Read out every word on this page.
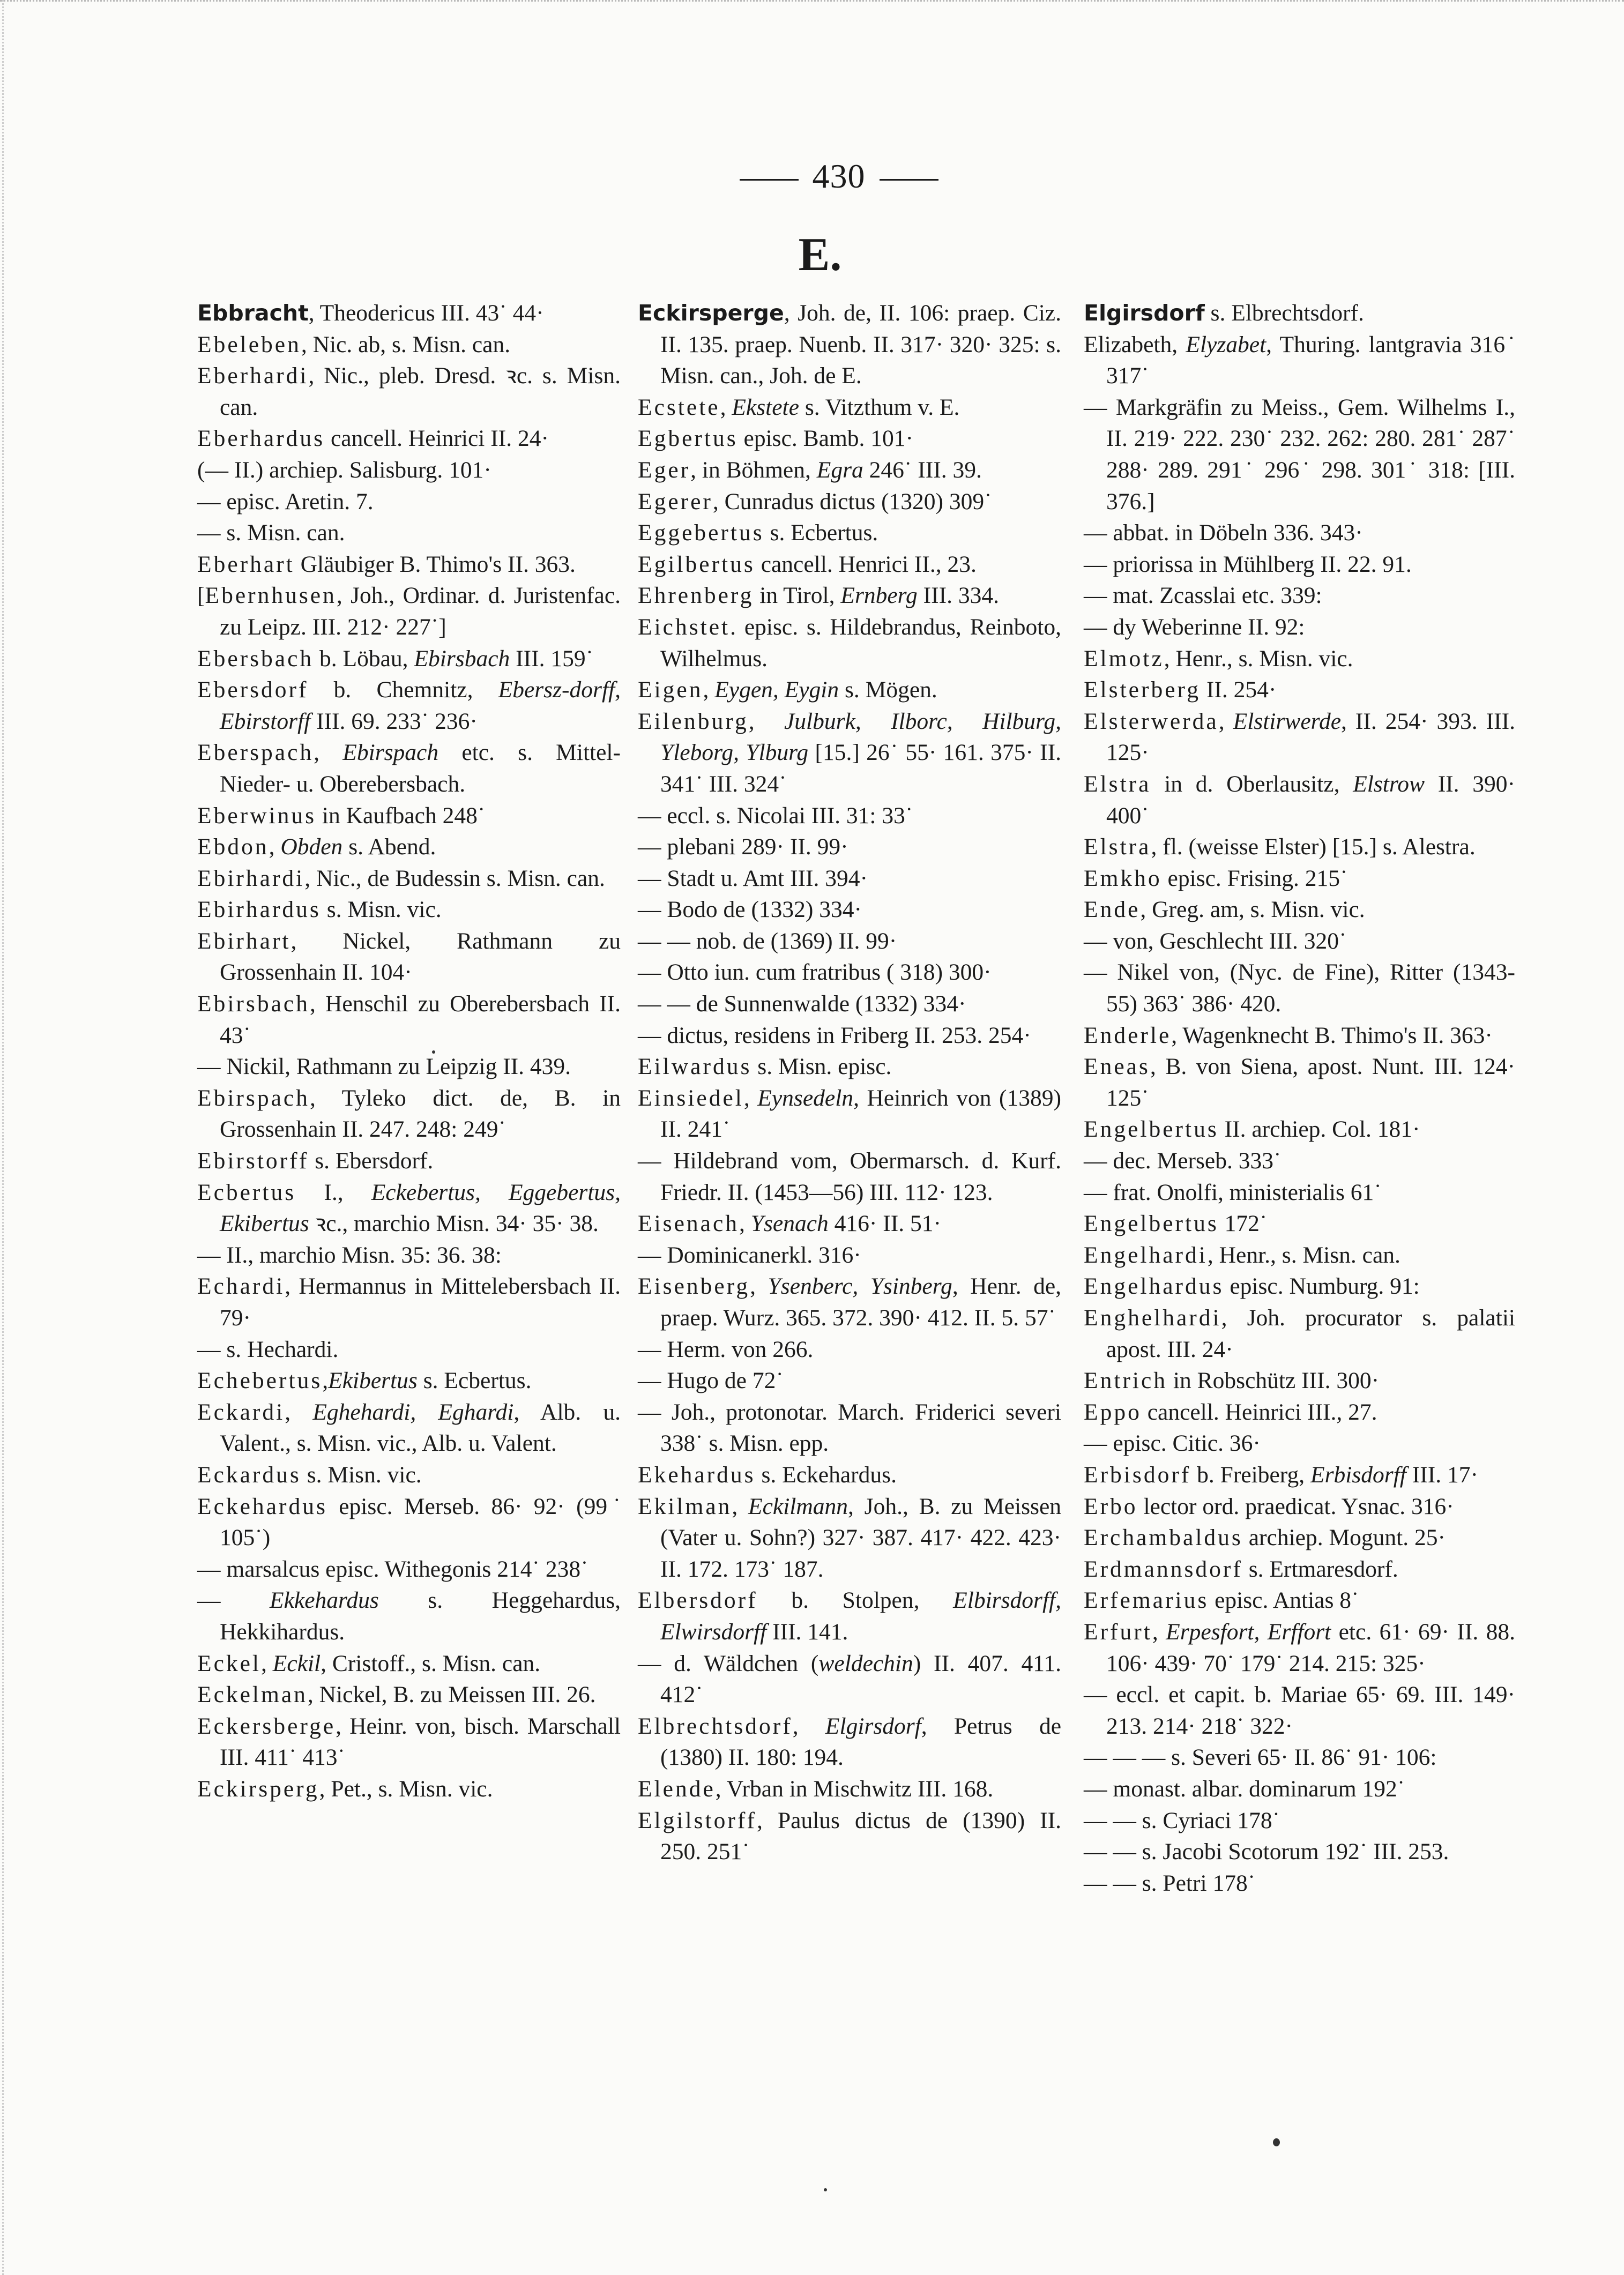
430
E.

Ebbracht, Theodericus III. 43˙ 44·

Ebeleben, Nic. ab, s. Misn. can.

Eberhardi, Nic., pleb. Dresd. ꝛc. s. Misn. can.

Eberhardus cancell. Heinrici II. 24·

(— II.) archiep. Salisburg. 101·

— episc. Aretin. 7.

— s. Misn. can.

Eberhart Gläubiger B. Thimo's II. 363.

[Ebernhusen, Joh., Ordinar. d. Juristenfac. zu Leipz. III. 212· 227˙]

Ebersbach b. Löbau, Ebirsbach III. 159˙

Ebersdorf b. Chemnitz, Ebersz-dorff, Ebirstorff III. 69. 233˙ 236·

Eberspach, Ebirspach etc. s. Mittel- Nieder- u. Oberebersbach.

Eberwinus in Kaufbach 248˙

Ebdon, Obden s. Abend.

Ebirhardi, Nic., de Budessin s. Misn. can.

Ebirhardus s. Misn. vic.

Ebirhart, Nickel, Rathmann zu Grossenhain II. 104·

Ebirsbach, Henschil zu Oberebersbach II. 43˙

— Nickil, Rathmann zu Leipzig II. 439.

Ebirspach, Tyleko dict. de, B. in Grossenhain II. 247. 248: 249˙

Ebirstorff s. Ebersdorf.

Ecbertus I., Eckebertus, Eggebertus, Ekibertus ꝛc., marchio Misn. 34· 35· 38.

— II., marchio Misn. 35: 36. 38:

Echardi, Hermannus in Mittelebersbach II. 79·

— s. Hechardi.

Echebertus,Ekibertus s. Ecbertus.

Eckardi, Eghehardi, Eghardi, Alb. u. Valent., s. Misn. vic., Alb. u. Valent.

Eckardus s. Misn. vic.

Eckehardus episc. Merseb. 86· 92· (99˙ 105˙)

— marsalcus episc. Withegonis 214˙ 238˙

— Ekkehardus s. Heggehardus, Hekkihardus.

Eckel, Eckil, Cristoff., s. Misn. can.

Eckelman, Nickel, B. zu Meissen III. 26.

Eckersberge, Heinr. von, bisch. Marschall III. 411˙ 413˙

Eckirsperg, Pet., s. Misn. vic.

Eckirsperge, Joh. de, II. 106: praep. Ciz. II. 135. praep. Nuenb. II. 317· 320· 325: s. Misn. can., Joh. de E.

Ecstete, Ekstete s. Vitzthum v. E.

Egbertus episc. Bamb. 101·

Eger, in Böhmen, Egra 246˙ III. 39.

Egerer, Cunradus dictus (1320) 309˙

Eggebertus s. Ecbertus.

Egilbertus cancell. Henrici II., 23.

Ehrenberg in Tirol, Ernberg III. 334.

Eichstet. episc. s. Hildebrandus, Reinboto, Wilhelmus.

Eigen, Eygen, Eygin s. Mögen.

Eilenburg, Julburk, Ilborc, Hilburg, Yleborg, Ylburg [15.] 26˙ 55· 161. 375· II. 341˙ III. 324˙

— eccl. s. Nicolai III. 31: 33˙

— plebani 289· II. 99·

— Stadt u. Amt III. 394·

— Bodo de (1332) 334·

— — nob. de (1369) II. 99·

— Otto iun. cum fratribus ( 318) 300·

— — de Sunnenwalde (1332) 334·

— dictus, residens in Friberg II. 253. 254·

Eilwardus s. Misn. episc.

Einsiedel, Eynsedeln, Heinrich von (1389) II. 241˙

— Hildebrand vom, Obermarsch. d. Kurf. Friedr. II. (1453—56) III. 112· 123.

Eisenach, Ysenach 416· II. 51·

— Dominicanerkl. 316·

Eisenberg, Ysenberc, Ysinberg, Henr. de, praep. Wurz. 365. 372. 390· 412. II. 5. 57˙

— Herm. von 266.

— Hugo de 72˙

— Joh., protonotar. March. Friderici severi 338˙ s. Misn. epp.

Ekehardus s. Eckehardus.

Ekilman, Eckilmann, Joh., B. zu Meissen (Vater u. Sohn?) 327· 387. 417· 422. 423· II. 172. 173˙ 187.

Elbersdorf b. Stolpen, Elbirsdorff, Elwirsdorff III. 141.

— d. Wäldchen (weldechin) II. 407. 411. 412˙

Elbrechtsdorf, Elgirsdorf, Petrus de (1380) II. 180: 194.

Elende, Vrban in Mischwitz III. 168.

Elgilstorff, Paulus dictus de (1390) II. 250. 251˙

Elgirsdorf s. Elbrechtsdorf.

Elizabeth, Elyzabet, Thuring. lantgravia 316˙ 317˙

— Markgräfin zu Meiss., Gem. Wilhelms I., II. 219· 222. 230˙ 232. 262: 280. 281˙ 287˙ 288· 289. 291˙ 296˙ 298. 301˙ 318: [III. 376.]

— abbat. in Döbeln 336. 343·

— priorissa in Mühlberg II. 22. 91.

— mat. Zcasslai etc. 339:

— dy Weberinne II. 92:

Elmotz, Henr., s. Misn. vic.

Elsterberg II. 254·

Elsterwerda, Elstirwerde, II. 254· 393. III. 125·

Elstra in d. Oberlausitz, Elstrow II. 390· 400˙

Elstra, fl. (weisse Elster) [15.] s. Alestra.

Emkho episc. Frising. 215˙

Ende, Greg. am, s. Misn. vic.

— von, Geschlecht III. 320˙

— Nikel von, (Nyc. de Fine), Ritter (1343-55) 363˙ 386· 420.

Enderle, Wagenknecht B. Thimo's II. 363·

Eneas, B. von Siena, apost. Nunt. III. 124· 125˙

Engelbertus II. archiep. Col. 181·

— dec. Merseb. 333˙

— frat. Onolfi, ministerialis 61˙

Engelbertus 172˙

Engelhardi, Henr., s. Misn. can.

Engelhardus episc. Numburg. 91:

Enghelhardi, Joh. procurator s. palatii apost. III. 24·

Entrich in Robschütz III. 300·

Eppo cancell. Heinrici III., 27.

— episc. Citic. 36·

Erbisdorf b. Freiberg, Erbisdorff III. 17·

Erbo lector ord. praedicat. Ysnac. 316·

Erchambaldus archiep. Mogunt. 25·

Erdmannsdorf s. Ertmaresdorf.

Erfemarius episc. Antias 8˙

Erfurt, Erpesfort, Erffort etc. 61· 69· II. 88. 106· 439· 70˙ 179˙ 214. 215: 325·

— eccl. et capit. b. Mariae 65· 69. III. 149· 213. 214· 218˙ 322·

— — — s. Severi 65· II. 86˙ 91· 106:

— monast. albar. dominarum 192˙

— — s. Cyriaci 178˙

— — s. Jacobi Scotorum 192˙ III. 253.

— — s. Petri 178˙
